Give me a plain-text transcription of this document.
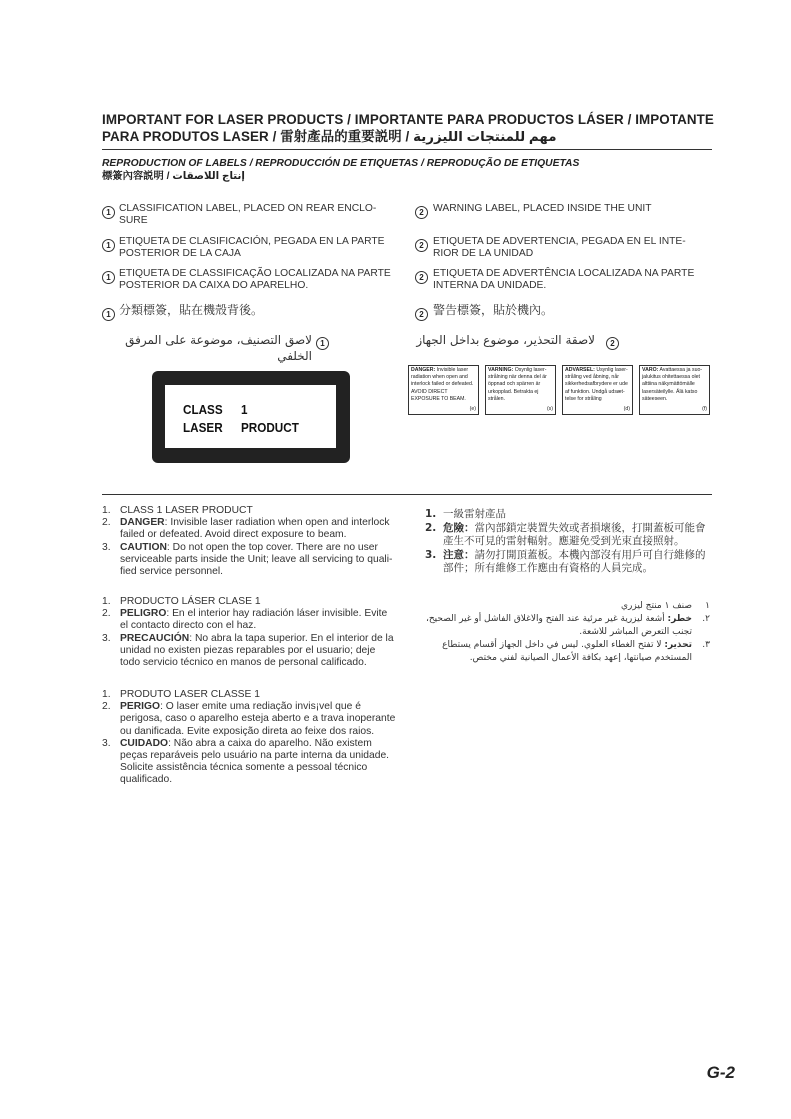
IMPORTANT FOR LASER PRODUCTS / IMPORTANTE PARA PRODUCTOS LÁSER / IMPOTANTE
PARA PRODUTOS LASER / 雷射產品的重要説明 / مهم للمنتجات الليزرية
REPRODUCTION OF LABELS / REPRODUCCIÓN DE ETIQUETAS / REPRODUÇÃO DE ETIQUETAS
標簽內容説明 / إنتاج اللاصقات
1 CLASSIFICATION LABEL, PLACED ON REAR ENCLO-
SURE
1 ETIQUETA DE CLASIFICACIÓN, PEGADA EN LA PARTE
POSTERIOR DE LA CAJA
1 ETIQUETA DE CLASSIFICAÇÃO LOCALIZADA NA PARTE
POSTERIOR DA CAIXA DO APARELHO.
1 分類標簽，貼在機殼背後。
لاصق التصنيف، موضوعة على المرفق الخلفي
1
2 WARNING LABEL, PLACED INSIDE THE UNIT
2 ETIQUETA DE ADVERTENCIA, PEGADA EN EL INTE-
RIOR DE LA UNIDAD
2 ETIQUETA DE ADVERTÊNCIA LOCALIZADA NA PARTE
INTERNA DA UNIDADE.
2 警告標簽，貼於機內。
لاصقة التحذير، موضوع بداخل الجهاز	2
CLASS 1
LASER PRODUCT
DANGER: Invisible laser radiation when open and interlock failed or defeated. AVOID DIRECT EXPOSURE TO BEAM.
(e)
VARNING: Osynlig laser-strålning när denna del är öppnad och spärren är urkopplad. Betrakta ej strålen.
(s)
ADVARSEL: Usynlig laser-stråling ved åbning, når sikkerhedsafbrydere er ude af funktion. Undgå udsæt-telse for stråling
(d)
VARO: Avattaessa ja suo-jalukitus ohitettaessa olet alttiina näkymättömälle lasersäteilylle. Älä katso säteeseen.
(f)
1. CLASS 1 LASER PRODUCT
2. DANGER: Invisible laser radiation when open and interlock failed or defeated. Avoid direct exposure to beam.
3. CAUTION: Do not open the top cover. There are no user serviceable parts inside the Unit; leave all servicing to quali-fied service personnel.
1. PRODUCTO LÁSER CLASE 1
2. PELIGRO: En el interior hay radiación láser invisible. Evite el contacto directo con el haz.
3. PRECAUCIÓN: No abra la tapa superior. En el interior de la unidad no existen piezas reparables por el usuario; deje todo servicio técnico en manos de personal calificado.
1. PRODUTO LASER CLASSE 1
2. PERIGO: O laser emite uma rediação invis¡vel que é perigosa, caso o aparelho esteja aberto e a trava inoperante ou danificada. Evite exposição direta ao feixe dos raios.
3. CUIDADO: Não abra a caixa do aparelho. Não existem peças reparáveis pelo usuário na parte interna da unidade. Solicite assistência técnica somente a pessoal técnico qualificado.
1. 一級雷射產品
2. 危險：當內部鎖定裝置失效或者損壞後，打開蓋板可能會產生不可見的雷射輻射。應避免受到光束直接照射。
3. 注意：請勿打開頂蓋板。本機內部沒有用戶可自行維修的部件；所有維修工作應由有資格的人員完成。
١
صنف ١ منتج ليزري
٢.
خطر: أشعة ليزرية غير مرئية عند الفتح والاغلاق الفاشل أو غير الصحيح، تجنب التعرض المباشر للاشعة.
٣.
تحذير: لا تفتح الغطاء العلوي. ليس في داخل الجهاز أقسام يستطاع المستخدم صيانتها، إعهد بكافة الأعمال الصيانية لفني مختص.
G-2
